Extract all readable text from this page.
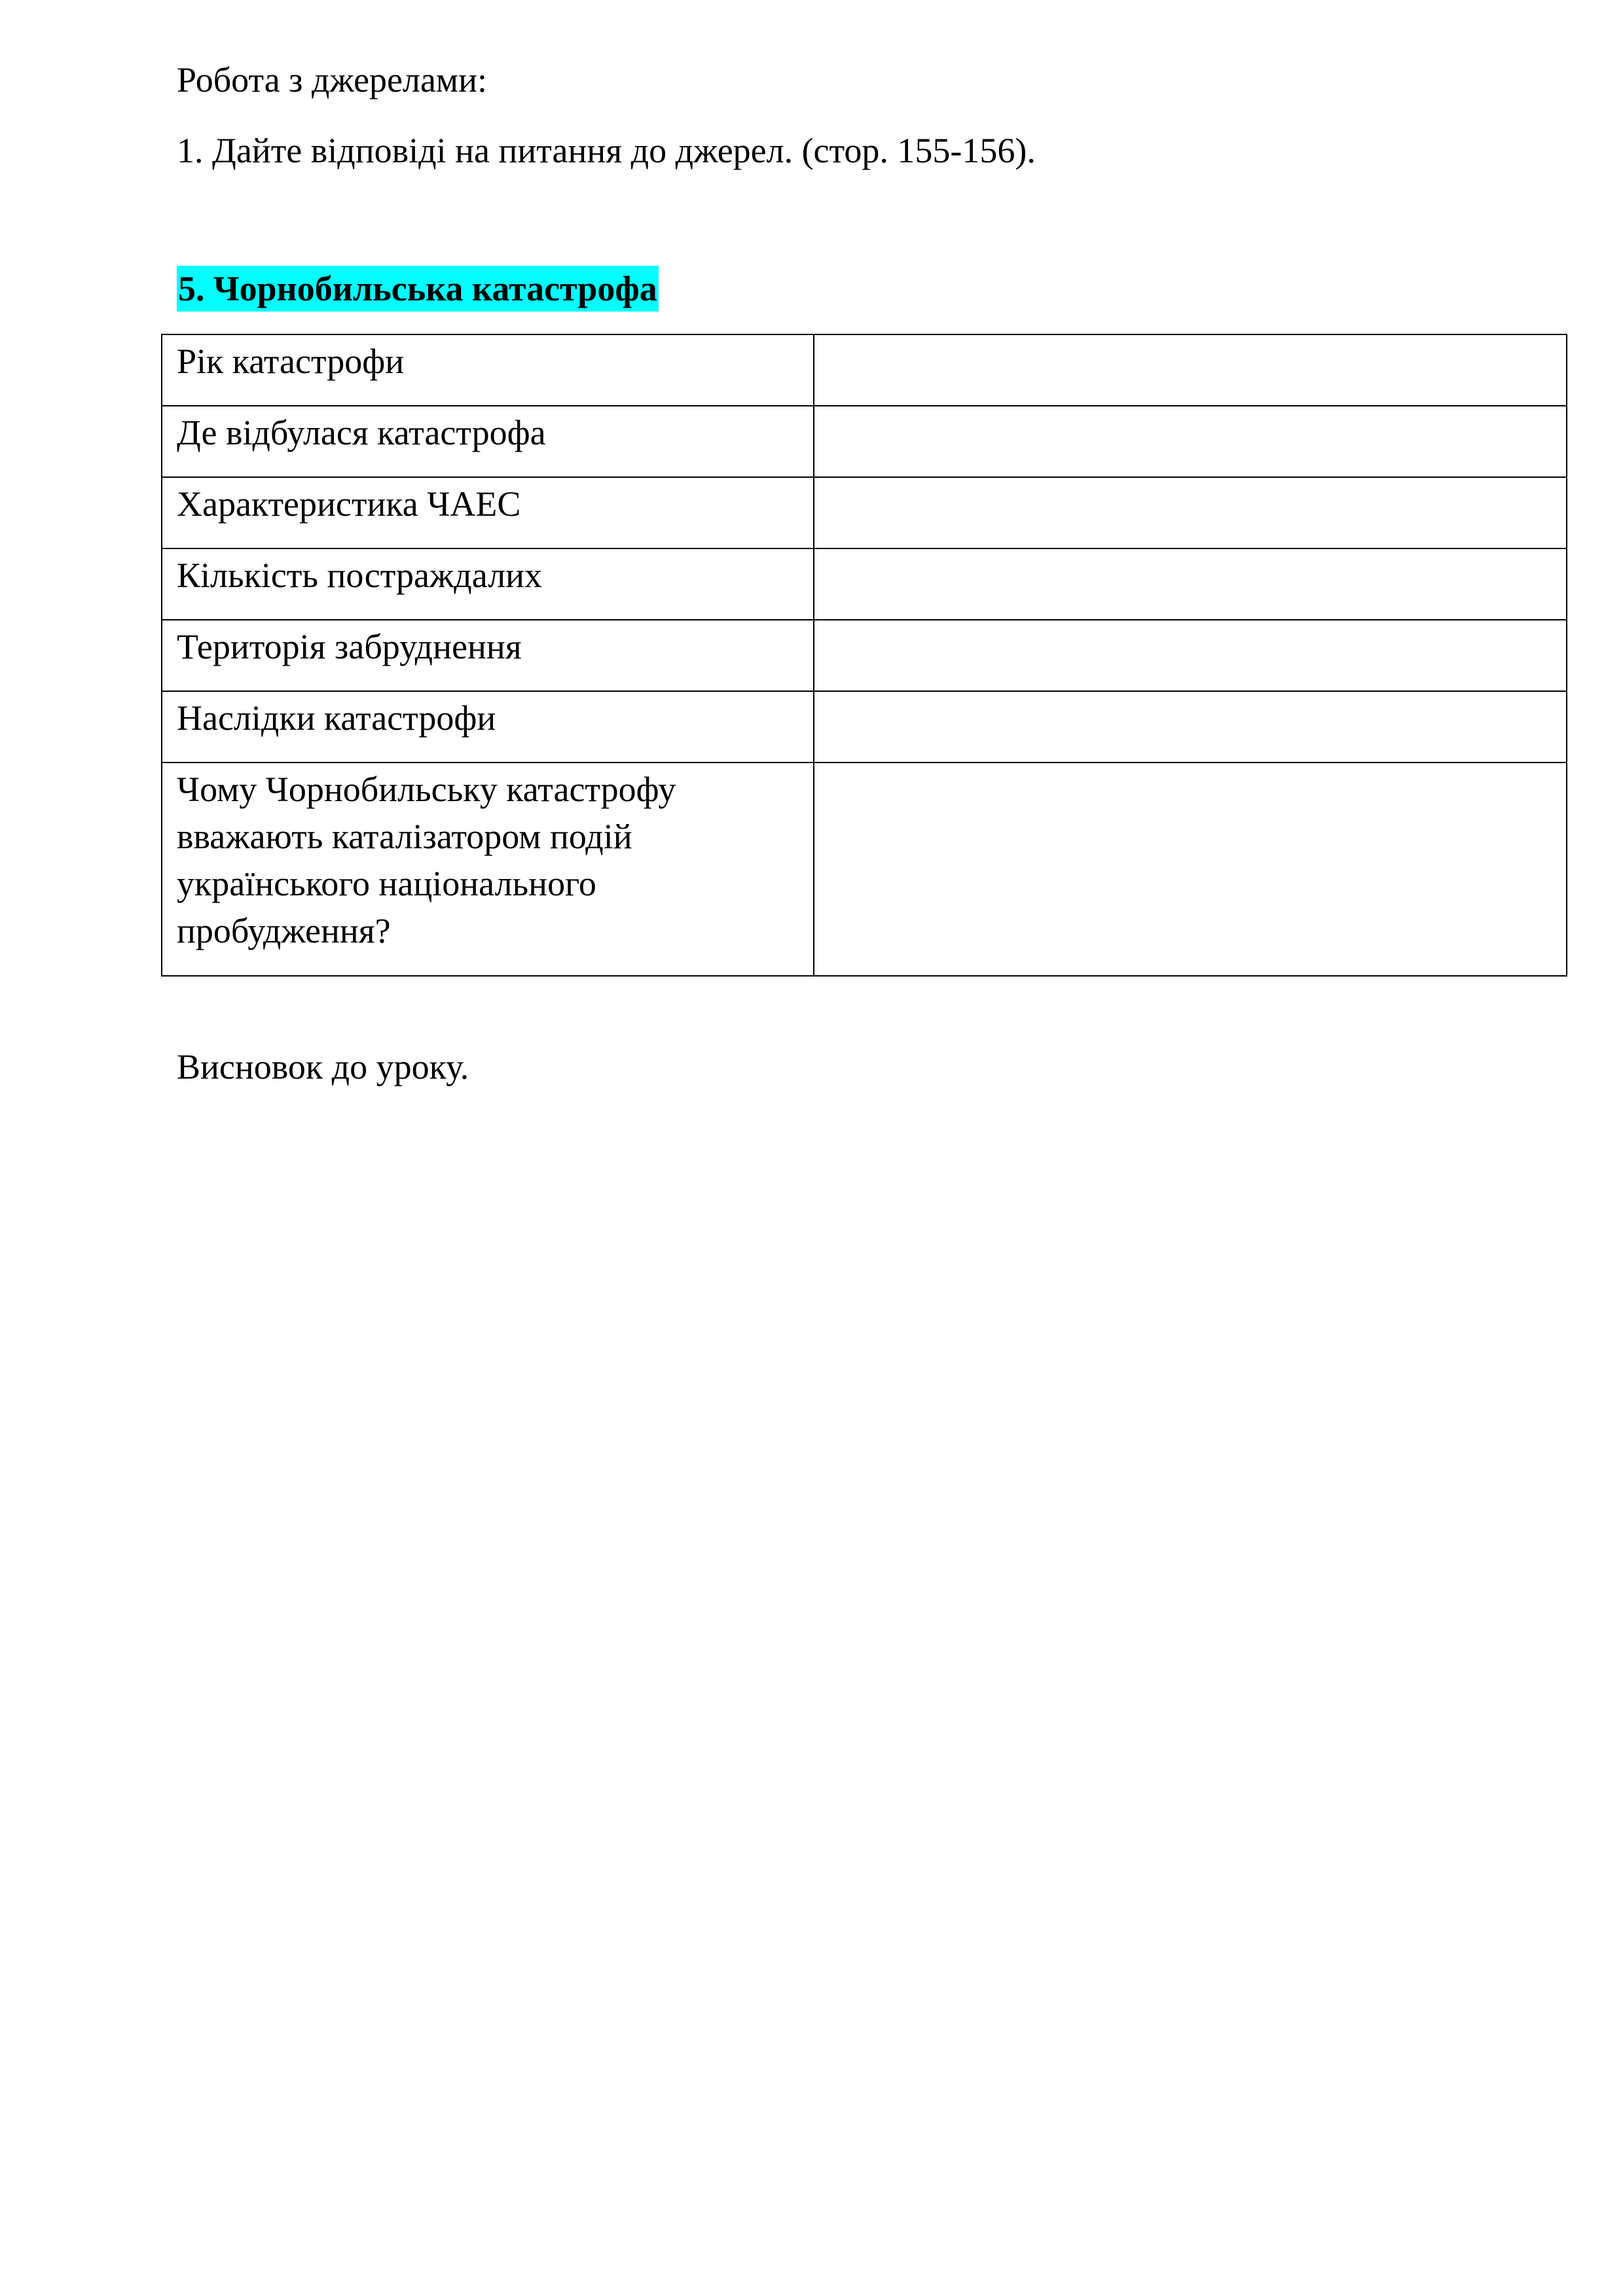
Робота з джерелами:

1. Дайте відповіді на питання до джерел. (стор. 155-156).

5. Чорнобильська катастрофа

Рік катастрофи	
Де відбулася катастрофа	
Характеристика ЧАЕС	
Кількість постраждалих	
Територія забруднення	
Наслідки катастрофи	
Чому Чорнобильську катастрофу вважають каталізатором подій українського національного пробудження?	

Висновок до уроку.
